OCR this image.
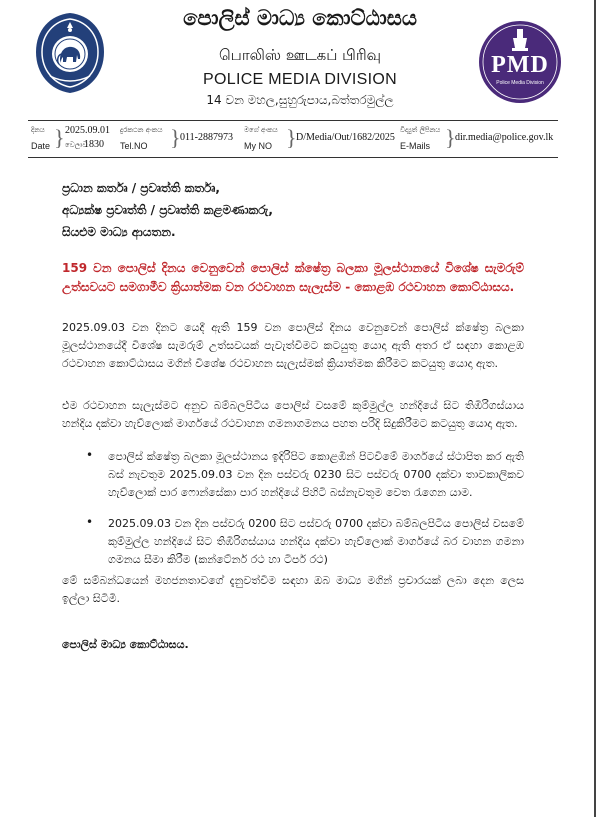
PMD
Police Media Division
පොලිස් මාධ්‍ය කොට්ඨාසය
பொலிஸ் ஊடகப் பிரிவு
POLICE MEDIA DIVISION
14 වන මහල,සුහුරුපාය,බත්තරමුල්ල
දිනය
Date } 2025.09.01
වෙලාව
1830
දුරකථන අංකය
Tel.NO } 011-2887973
මගේ අංකය
My NO } D/Media/Out/1682/2025
විද්‍යුත් ලිපිනය
E-Mails } dir.media@police.gov.lk
ප්‍රධාන කර්තෘ / ප්‍රවෘත්ති කර්තෘ,
අධ්‍යක්ෂ ප්‍රවෘත්ති / ප්‍රවෘත්ති කළමණාකරු,
සියළුම මාධ්‍ය ආයතන.
159 වන පොලිස් දිනය වෙනුවෙන් පොලිස් ක්ෂේත්‍ර බලකා මූලස්ථානයේ විශේෂ සැමරුම් උත්සවයට සමගාමීව ක්‍රියාත්මක වන රථවාහන සැලැස්ම - කොළඹ රථවාහන කොට්ඨාසය.
2025.09.03 වන දිනට යෙදී ඇති 159 වන පොලිස් දිනය වෙනුවෙන් පොලිස් ක්ෂේත්‍ර බලකා මූලස්ථානයේදී විශේෂ සැමරුම් උත්සවයක් පැවැත්වීමට කටයුතු යොදා ඇති අතර ඒ සඳහා කොළඹ රථවාහන කොට්ඨාසය මගින් විශේෂ රථවාහන සැලැස්මක් ක්‍රියාත්මක කිරීමට කටයුතු යොදා ඇත.
එම රථවාහන සැලැස්මට අනුව බම්බලපිටිය පොලිස් වසමේ කුම්මුල්ල හන්දියේ සිට තිඹිරිගස්යාය හන්දිය දක්වා හැව්ලොක් මාර්ගයේ රථවාහන ගමනාගමනය පහත පරිදි සිදුකිරීමට කටයුතු යොදා ඇත.
• පොලිස් ක්ෂේත්‍ර බලකා මූලස්ථානය ඉදිරිපිට කොළඹින් පිටවීමේ මාර්ගයේ ස්ථාපිත කර ඇති බස් නැවතුම 2025.09.03 වන දින පස්වරු 0230 සිට පස්වරු 0700 දක්වා තාවකාලිකව හැව්ලොක් පාර ෆොන්සේකා පාර හන්දියේ පිහිටි බස්නැවතුම වෙත රැගෙන යාම.
• 2025.09.03 වන දින පස්වරු 0200 සිට පස්වරු 0700 දක්වා බම්බලපිටිය පොලිස් වසමේ කුම්මුල්ල හන්දියේ සිට තිඹිරිගස්යාය හන්දිය දක්වා හැව්ලොක් මාර්ගයේ බර වාහන ගමනා ගමනය සීමා කිරීම (කන්ටේනර් රථ හා ටිපර් රථ)
මේ සම්බන්ධයෙන් මහජනතාවගේ දැනුවත්වීම සඳහා ඔබ මාධ්‍ය මගින් ප්‍රචාරයක් ලබා දෙන ලෙස ඉල්ලා සිටිමි.
පොලිස් මාධ්‍ය කොට්ඨාසය.
